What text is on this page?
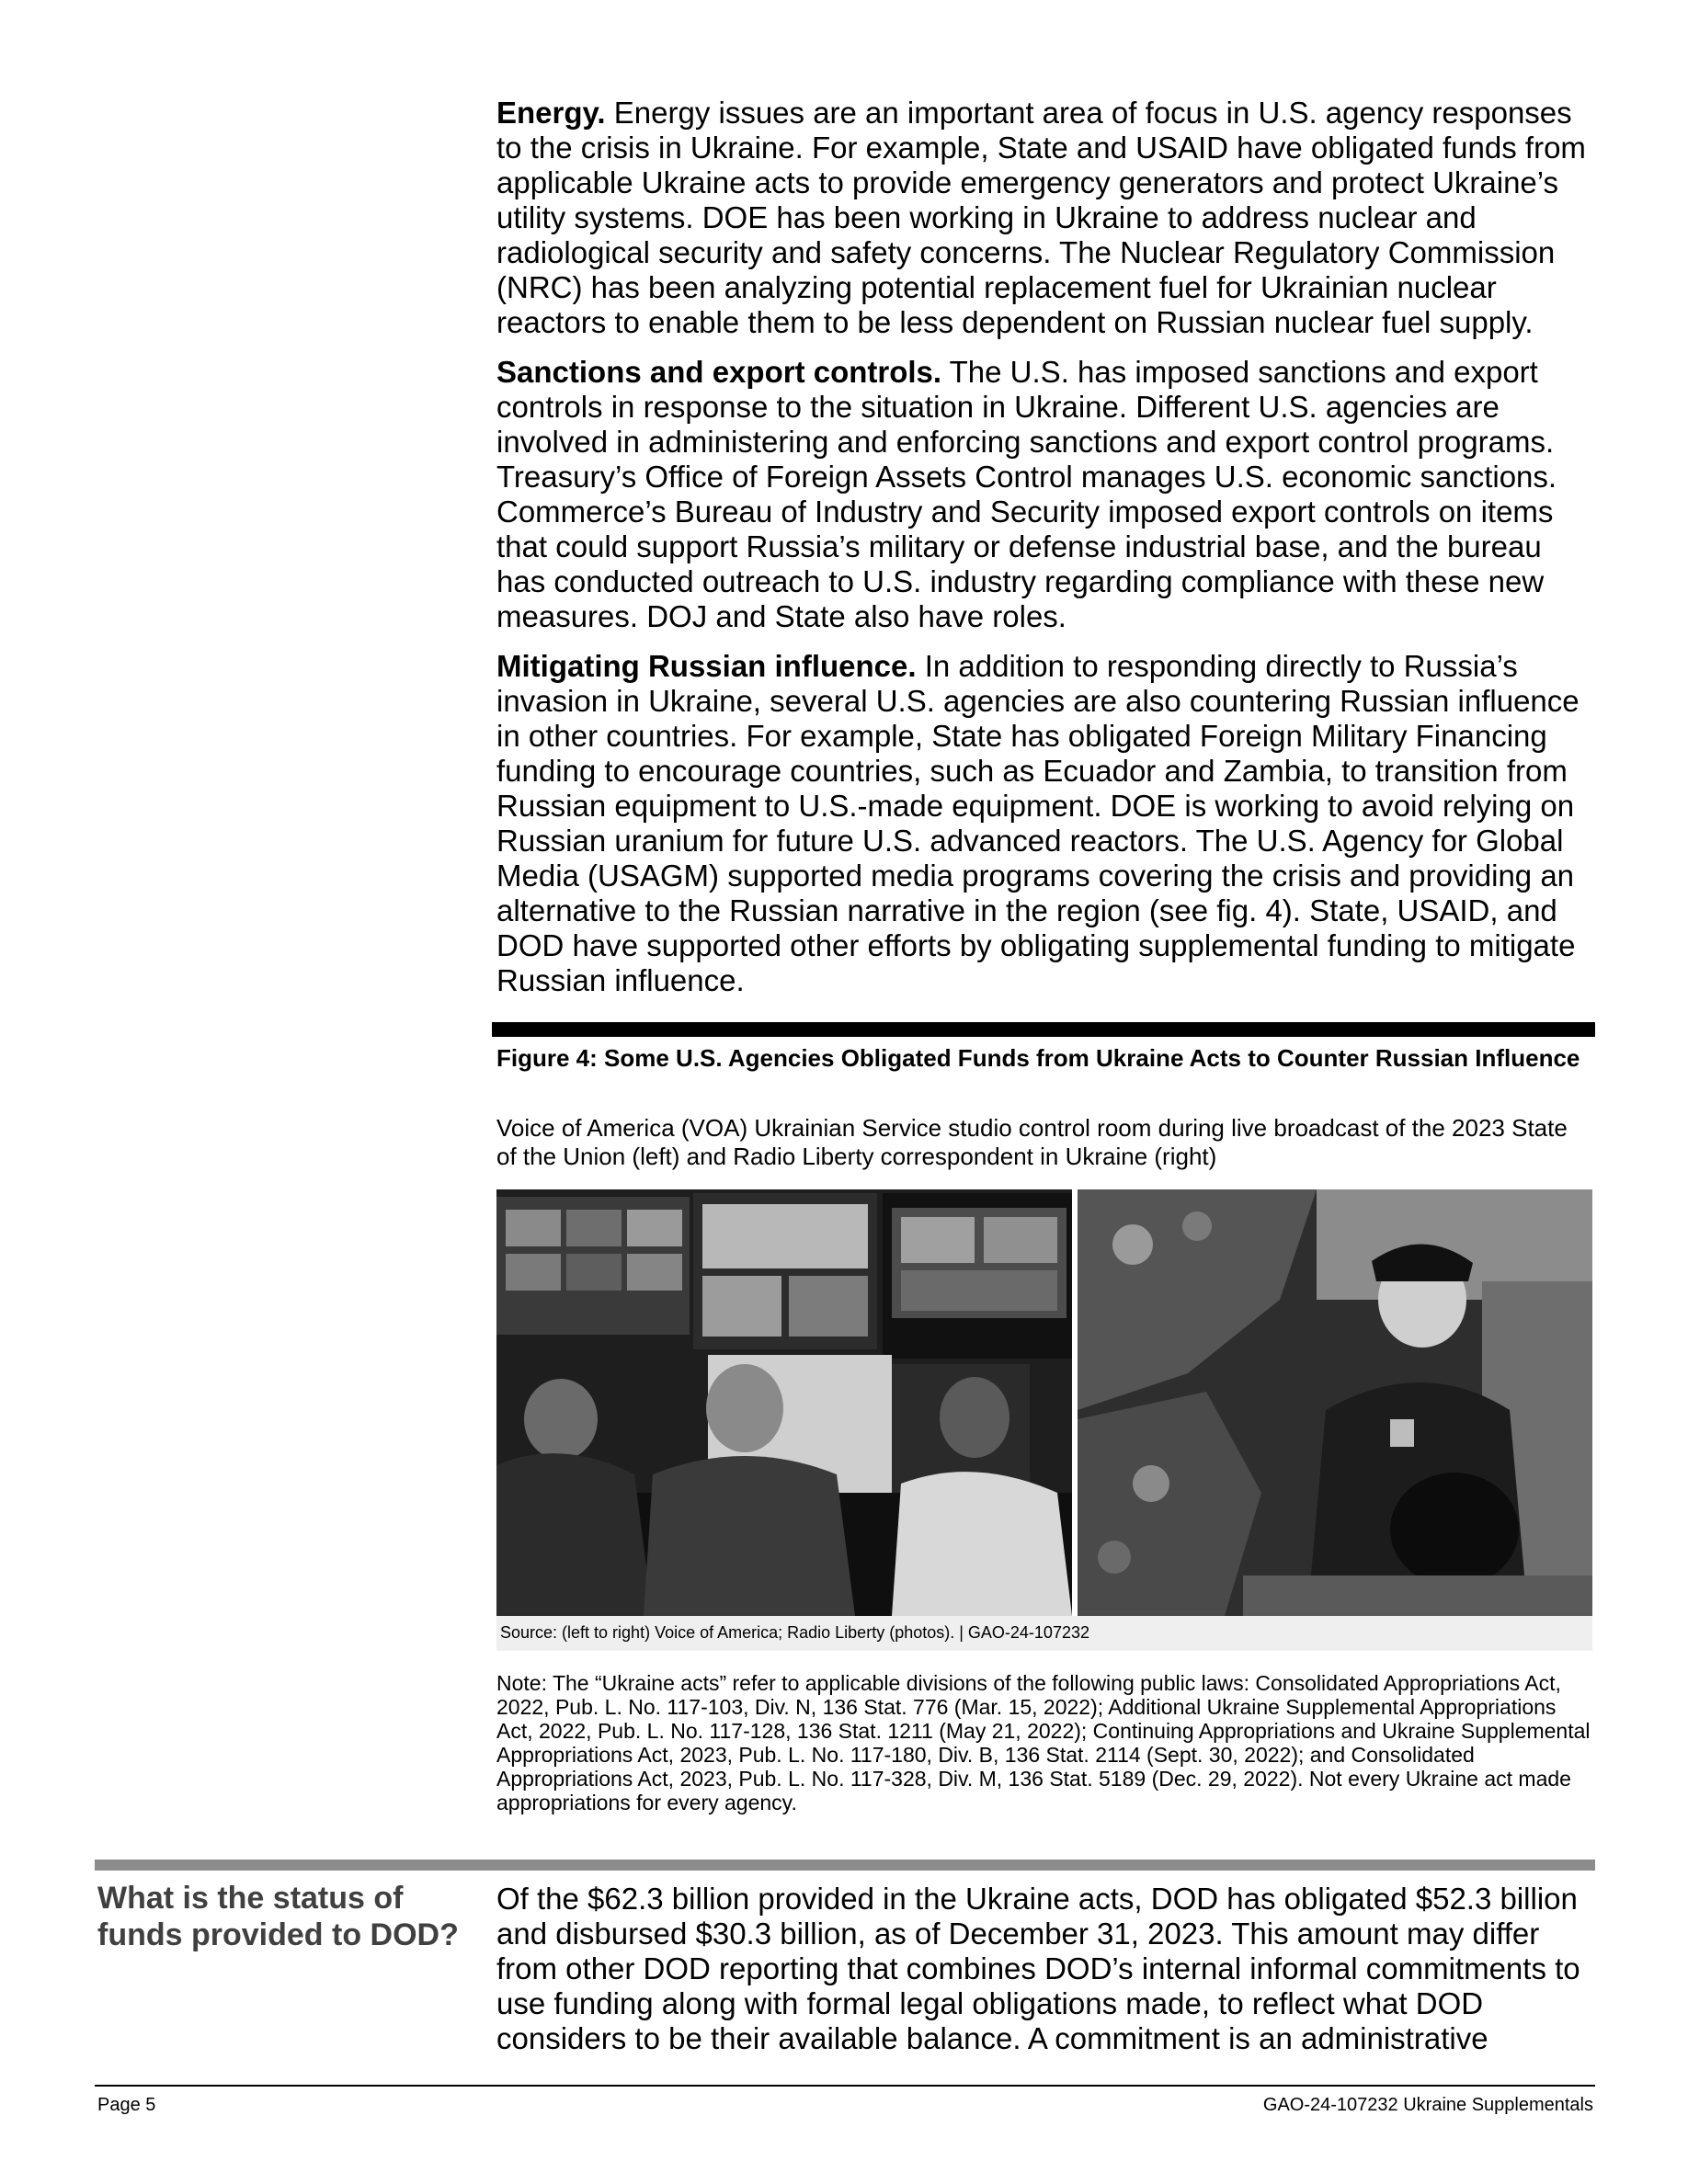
Energy. Energy issues are an important area of focus in U.S. agency responses to the crisis in Ukraine. For example, State and USAID have obligated funds from applicable Ukraine acts to provide emergency generators and protect Ukraine’s utility systems. DOE has been working in Ukraine to address nuclear and radiological security and safety concerns. The Nuclear Regulatory Commission (NRC) has been analyzing potential replacement fuel for Ukrainian nuclear reactors to enable them to be less dependent on Russian nuclear fuel supply.

Sanctions and export controls. The U.S. has imposed sanctions and export controls in response to the situation in Ukraine. Different U.S. agencies are involved in administering and enforcing sanctions and export control programs. Treasury’s Office of Foreign Assets Control manages U.S. economic sanctions. Commerce’s Bureau of Industry and Security imposed export controls on items that could support Russia’s military or defense industrial base, and the bureau has conducted outreach to U.S. industry regarding compliance with these new measures. DOJ and State also have roles.

Mitigating Russian influence. In addition to responding directly to Russia’s invasion in Ukraine, several U.S. agencies are also countering Russian influence in other countries. For example, State has obligated Foreign Military Financing funding to encourage countries, such as Ecuador and Zambia, to transition from Russian equipment to U.S.-made equipment. DOE is working to avoid relying on Russian uranium for future U.S. advanced reactors. The U.S. Agency for Global Media (USAGM) supported media programs covering the crisis and providing an alternative to the Russian narrative in the region (see fig. 4). State, USAID, and DOD have supported other efforts by obligating supplemental funding to mitigate Russian influence.

Figure 4: Some U.S. Agencies Obligated Funds from Ukraine Acts to Counter Russian Influence
Voice of America (VOA) Ukrainian Service studio control room during live broadcast of the 2023 State of the Union (left) and Radio Liberty correspondent in Ukraine (right)
Source: (left to right) Voice of America; Radio Liberty (photos). | GAO-24-107232
Note: The “Ukraine acts” refer to applicable divisions of the following public laws: Consolidated Appropriations Act, 2022, Pub. L. No. 117-103, Div. N, 136 Stat. 776 (Mar. 15, 2022); Additional Ukraine Supplemental Appropriations Act, 2022, Pub. L. No. 117-128, 136 Stat. 1211 (May 21, 2022); Continuing Appropriations and Ukraine Supplemental Appropriations Act, 2023, Pub. L. No. 117-180, Div. B, 136 Stat. 2114 (Sept. 30, 2022); and Consolidated Appropriations Act, 2023, Pub. L. No. 117-328, Div. M, 136 Stat. 5189 (Dec. 29, 2022). Not every Ukraine act made appropriations for every agency.
What is the status of funds provided to DOD?
Of the $62.3 billion provided in the Ukraine acts, DOD has obligated $52.3 billion and disbursed $30.3 billion, as of December 31, 2023. This amount may differ from other DOD reporting that combines DOD’s internal informal commitments to use funding along with formal legal obligations made, to reflect what DOD considers to be their available balance. A commitment is an administrative
Page 5	GAO-24-107232 Ukraine Supplementals
